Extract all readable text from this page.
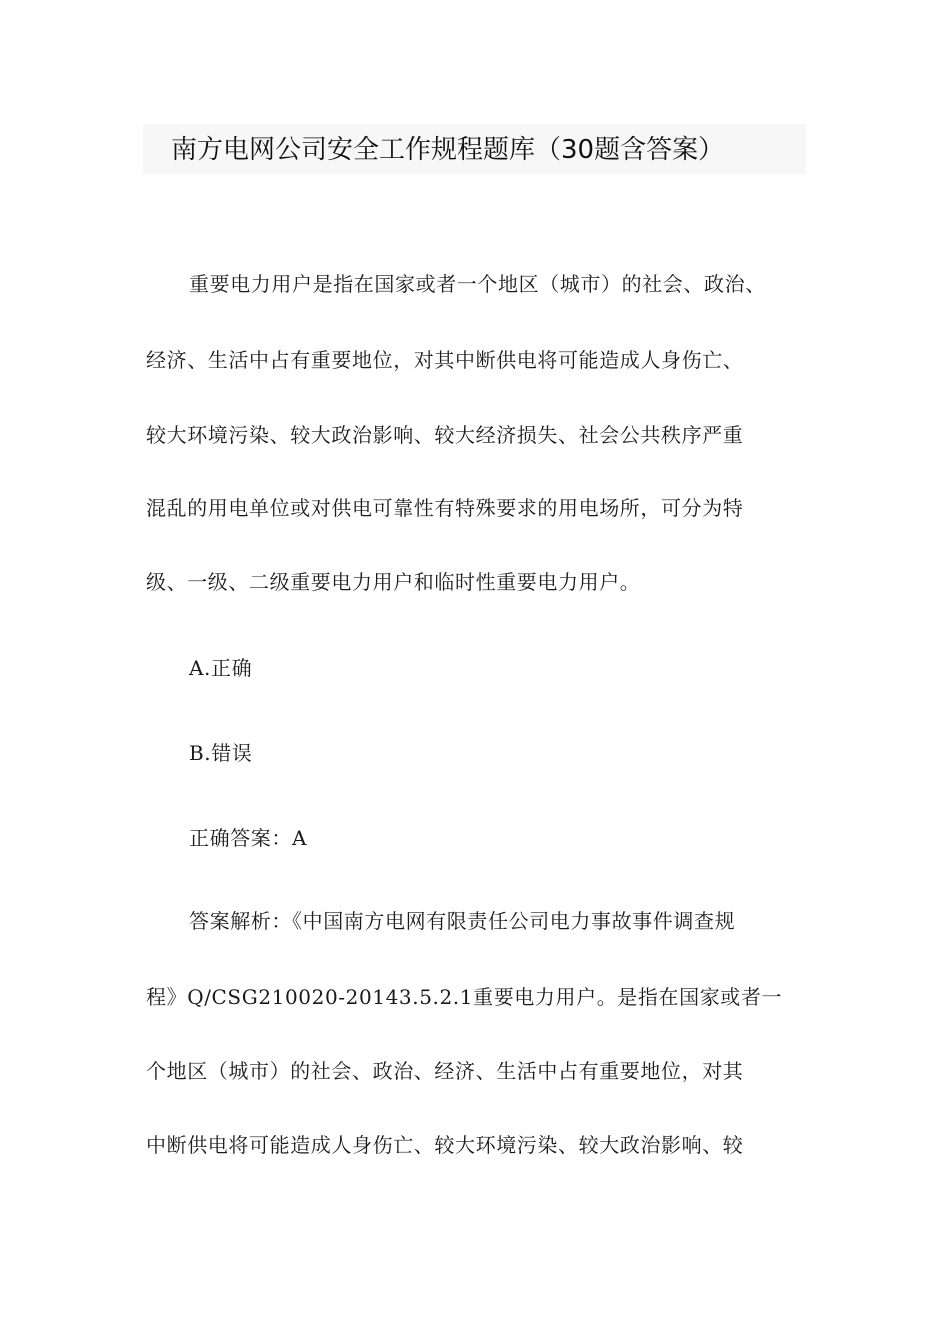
南方电网公司安全工作规程题库（30题含答案）
重要电力用户是指在国家或者一个地区（城市）的社会、政治、
经济、生活中占有重要地位，对其中断供电将可能造成人身伤亡、
较大环境污染、较大政治影响、较大经济损失、社会公共秩序严重
混乱的用电单位或对供电可靠性有特殊要求的用电场所，可分为特
级、一级、二级重要电力用户和临时性重要电力用户。
A.正确
B.错误
正确答案：A
答案解析：《中国南方电网有限责任公司电力事故事件调查规
程》Q/CSG210020-20143.5.2.1重要电力用户。是指在国家或者一
个地区（城市）的社会、政治、经济、生活中占有重要地位，对其
中断供电将可能造成人身伤亡、较大环境污染、较大政治影响、较
